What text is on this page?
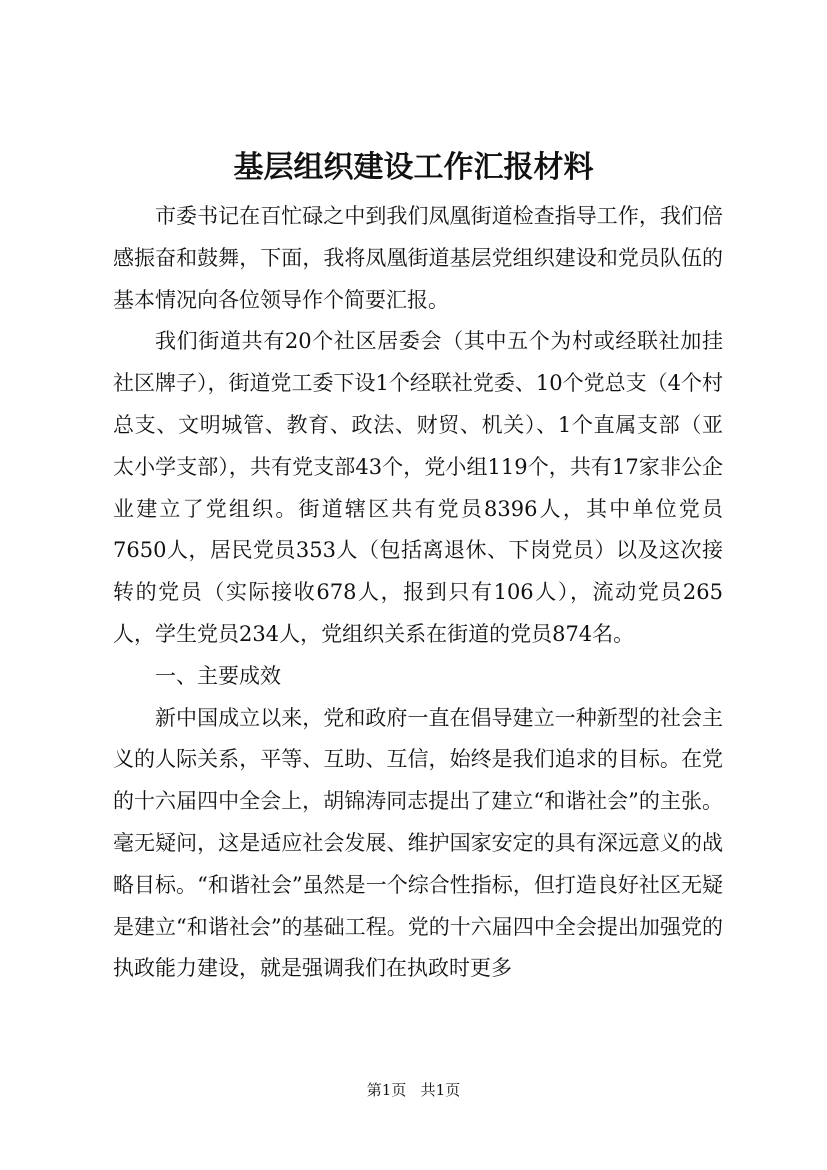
基层组织建设工作汇报材料

市委书记在百忙碌之中到我们凤凰街道检查指导工作，我们倍感振奋和鼓舞，下面，我将凤凰街道基层党组织建设和党员队伍的基本情况向各位领导作个简要汇报。

我们街道共有20个社区居委会（其中五个为村或经联社加挂社区牌子），街道党工委下设1个经联社党委、10个党总支（4个村总支、文明城管、教育、政法、财贸、机关）、1个直属支部（亚太小学支部），共有党支部43个，党小组119个，共有17家非公企业建立了党组织。街道辖区共有党员8396人，其中单位党员7650人，居民党员353人（包括离退休、下岗党员）以及这次接转的党员（实际接收678人，报到只有106人），流动党员265人，学生党员234人，党组织关系在街道的党员874名。

一、主要成效

新中国成立以来，党和政府一直在倡导建立一种新型的社会主义的人际关系，平等、互助、互信，始终是我们追求的目标。在党的十六届四中全会上，胡锦涛同志提出了建立“和谐社会”的主张。毫无疑问，这是适应社会发展、维护国家安定的具有深远意义的战略目标。“和谐社会”虽然是一个综合性指标，但打造良好社区无疑是建立“和谐社会”的基础工程。党的十六届四中全会提出加强党的执政能力建设，就是强调我们在执政时更多

第1页 共1页
